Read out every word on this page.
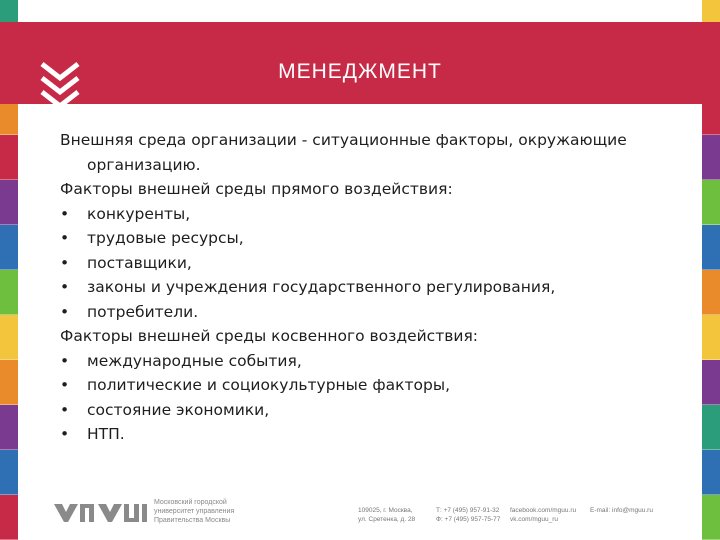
МЕНЕДЖМЕНТ
Внешняя среда организации - ситуационные факторы, окружающие
организацию.
Факторы внешней среды прямого воздействия:
•	конкуренты,
•	трудовые ресурсы,
•	поставщики,
•	законы и учреждения государственного регулирования,
•	потребители.
Факторы внешней среды косвенного воздействия:
•	международные события,
•	политические и социокультурные факторы,
•	состояние экономики,
•	НТП.
Московский городской
университет управления
Правительства Москвы
109025, г. Москва,
ул. Сретенка, д. 28
Т: +7 (495) 957-91-32
Ф: +7 (495) 957-75-77
facebook.com/mguu.ru
vk.com/mguu_ru
E-mail: info@mguu.ru
